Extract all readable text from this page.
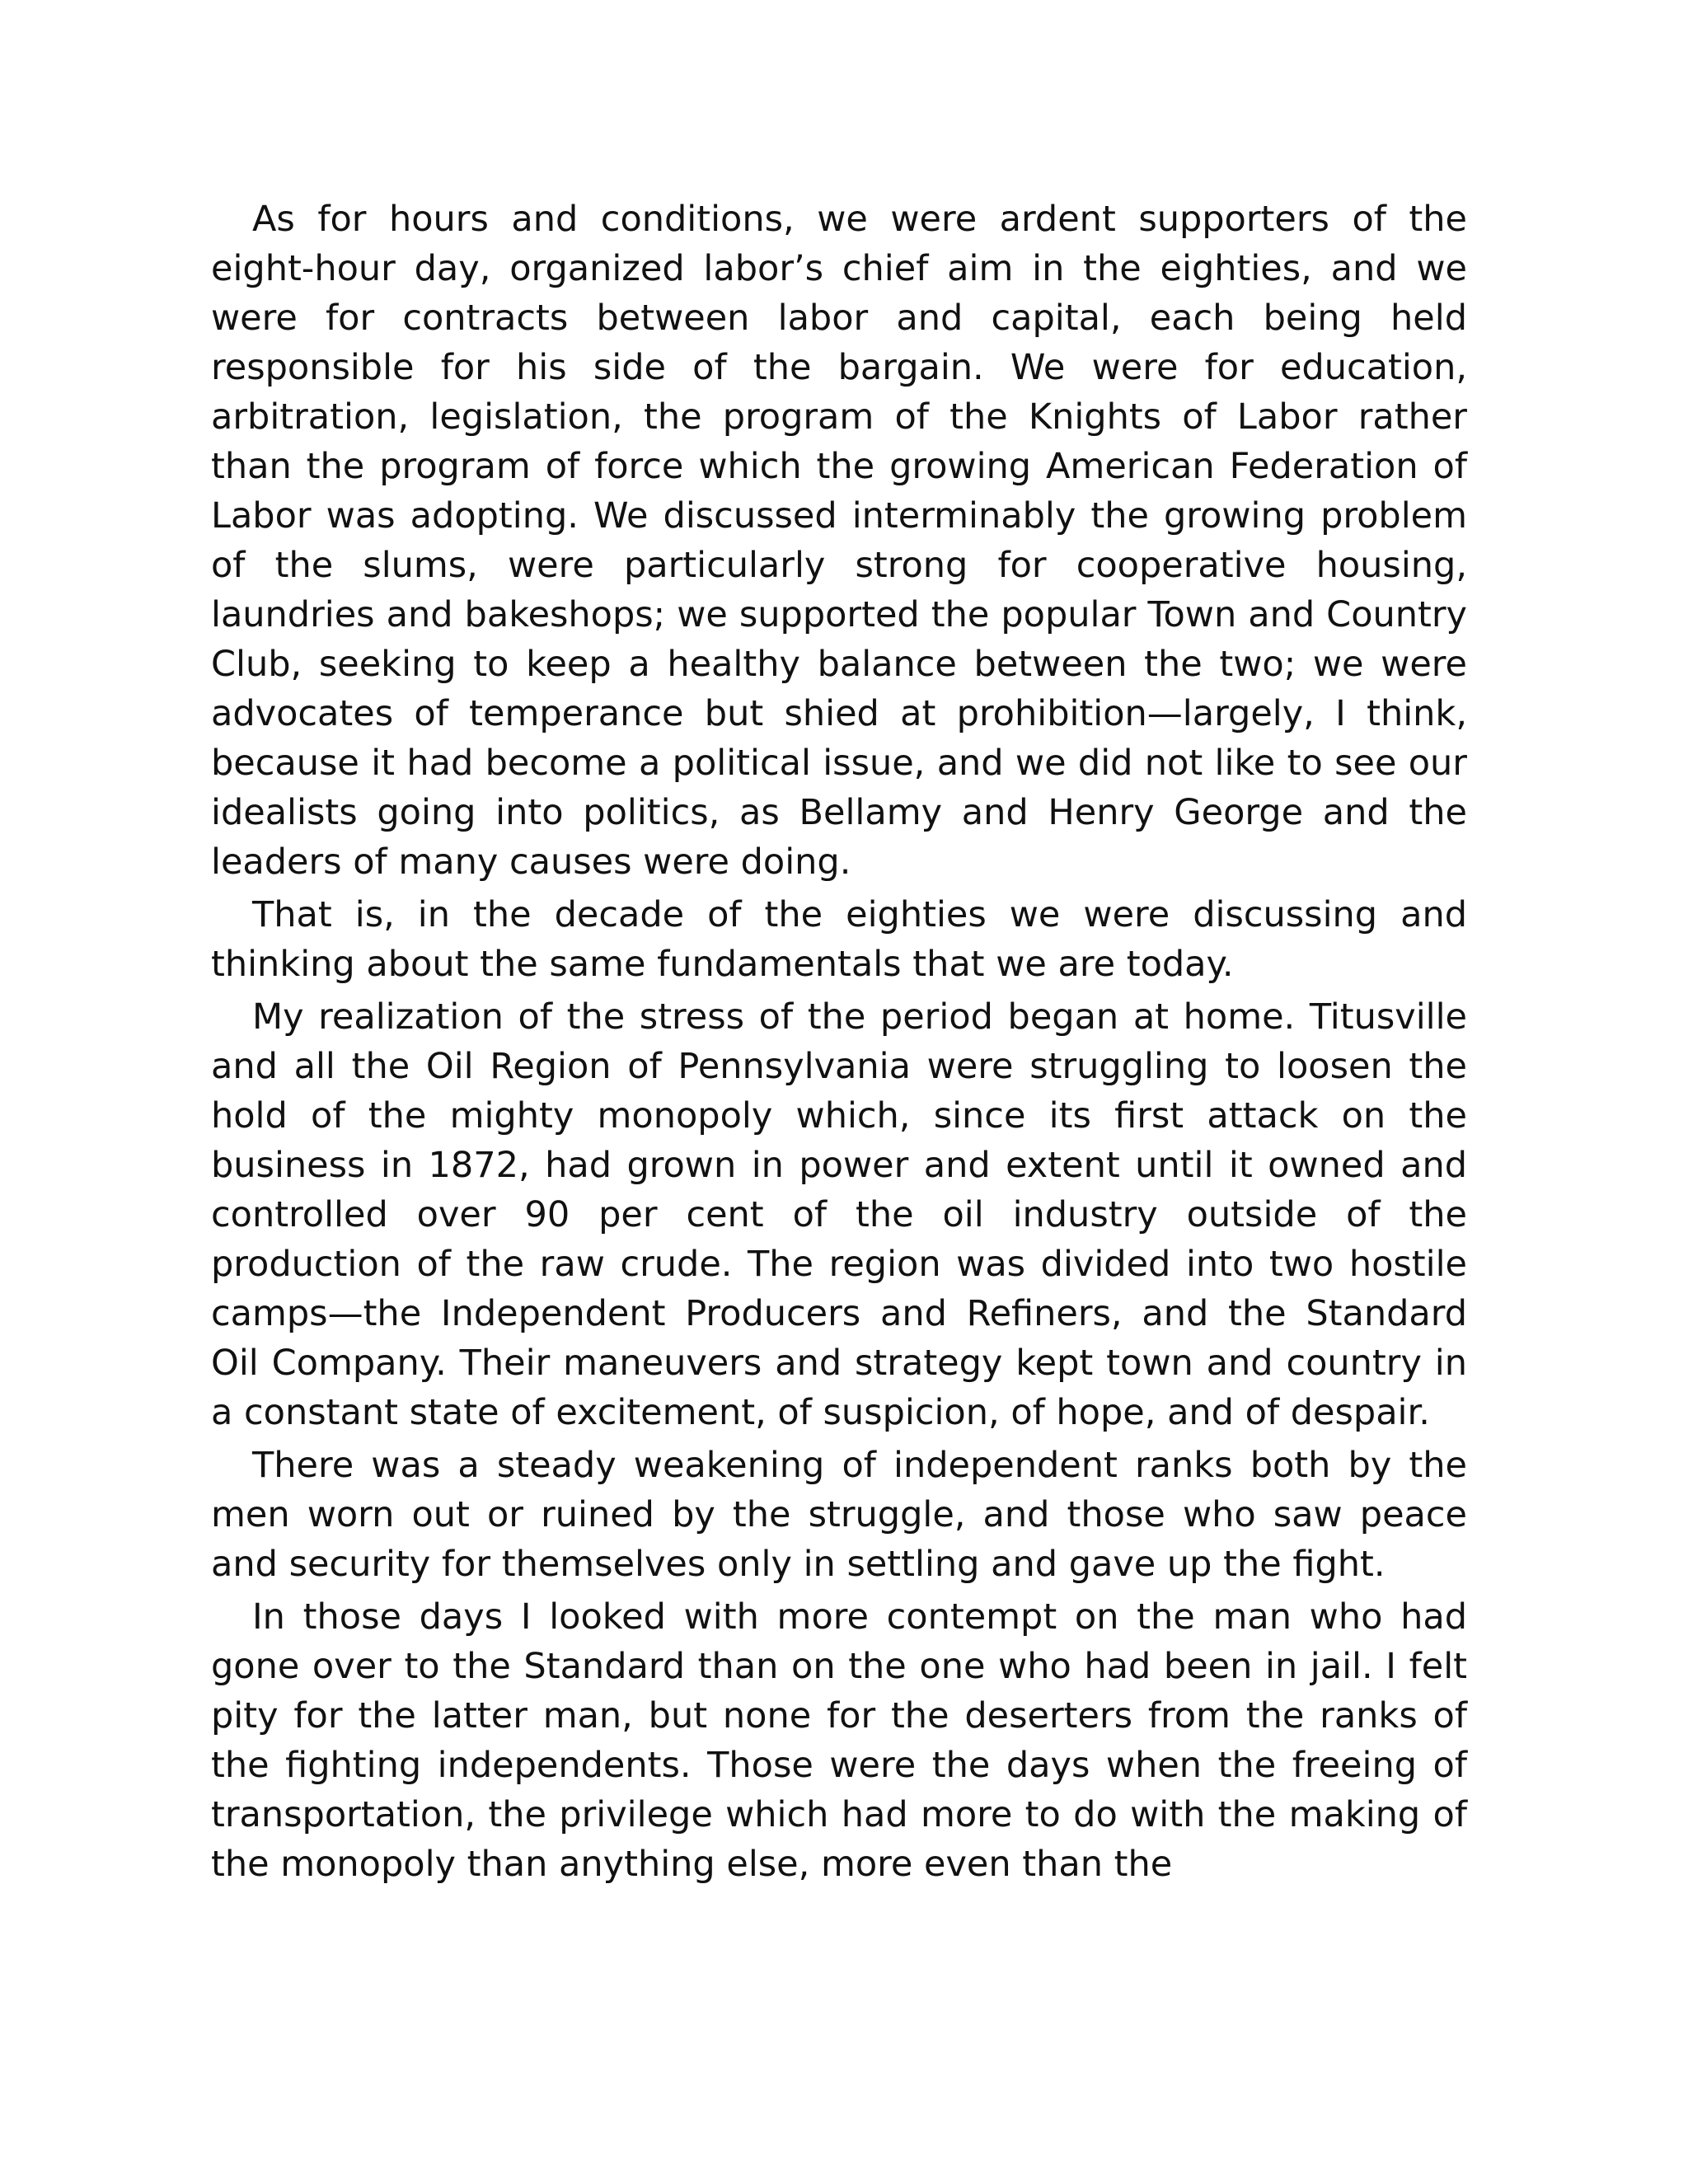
As for hours and conditions, we were ardent supporters of the eight-hour day, organized labor’s chief aim in the eighties, and we were for contracts between labor and capital, each being held responsible for his side of the bargain. We were for education, arbitration, legislation, the program of the Knights of Labor rather than the program of force which the growing American Federation of Labor was adopting. We discussed interminably the growing problem of the slums, were particularly strong for cooperative housing, laundries and bakeshops; we supported the popular Town and Country Club, seeking to keep a healthy balance between the two; we were advocates of temperance but shied at prohibition—largely, I think, because it had become a political issue, and we did not like to see our idealists going into politics, as Bellamy and Henry George and the leaders of many causes were doing.

That is, in the decade of the eighties we were discussing and thinking about the same fundamentals that we are today.

My realization of the stress of the period began at home. Titusville and all the Oil Region of Pennsylvania were struggling to loosen the hold of the mighty monopoly which, since its first attack on the business in 1872, had grown in power and extent until it owned and controlled over 90 per cent of the oil industry outside of the production of the raw crude. The region was divided into two hostile camps—the Independent Producers and Refiners, and the Standard Oil Company. Their maneuvers and strategy kept town and country in a constant state of excitement, of suspicion, of hope, and of despair.

There was a steady weakening of independent ranks both by the men worn out or ruined by the struggle, and those who saw peace and security for themselves only in settling and gave up the fight.

In those days I looked with more contempt on the man who had gone over to the Standard than on the one who had been in jail. I felt pity for the latter man, but none for the deserters from the ranks of the fighting independents. Those were the days when the freeing of transportation, the privilege which had more to do with the making of the monopoly than anything else, more even than the
